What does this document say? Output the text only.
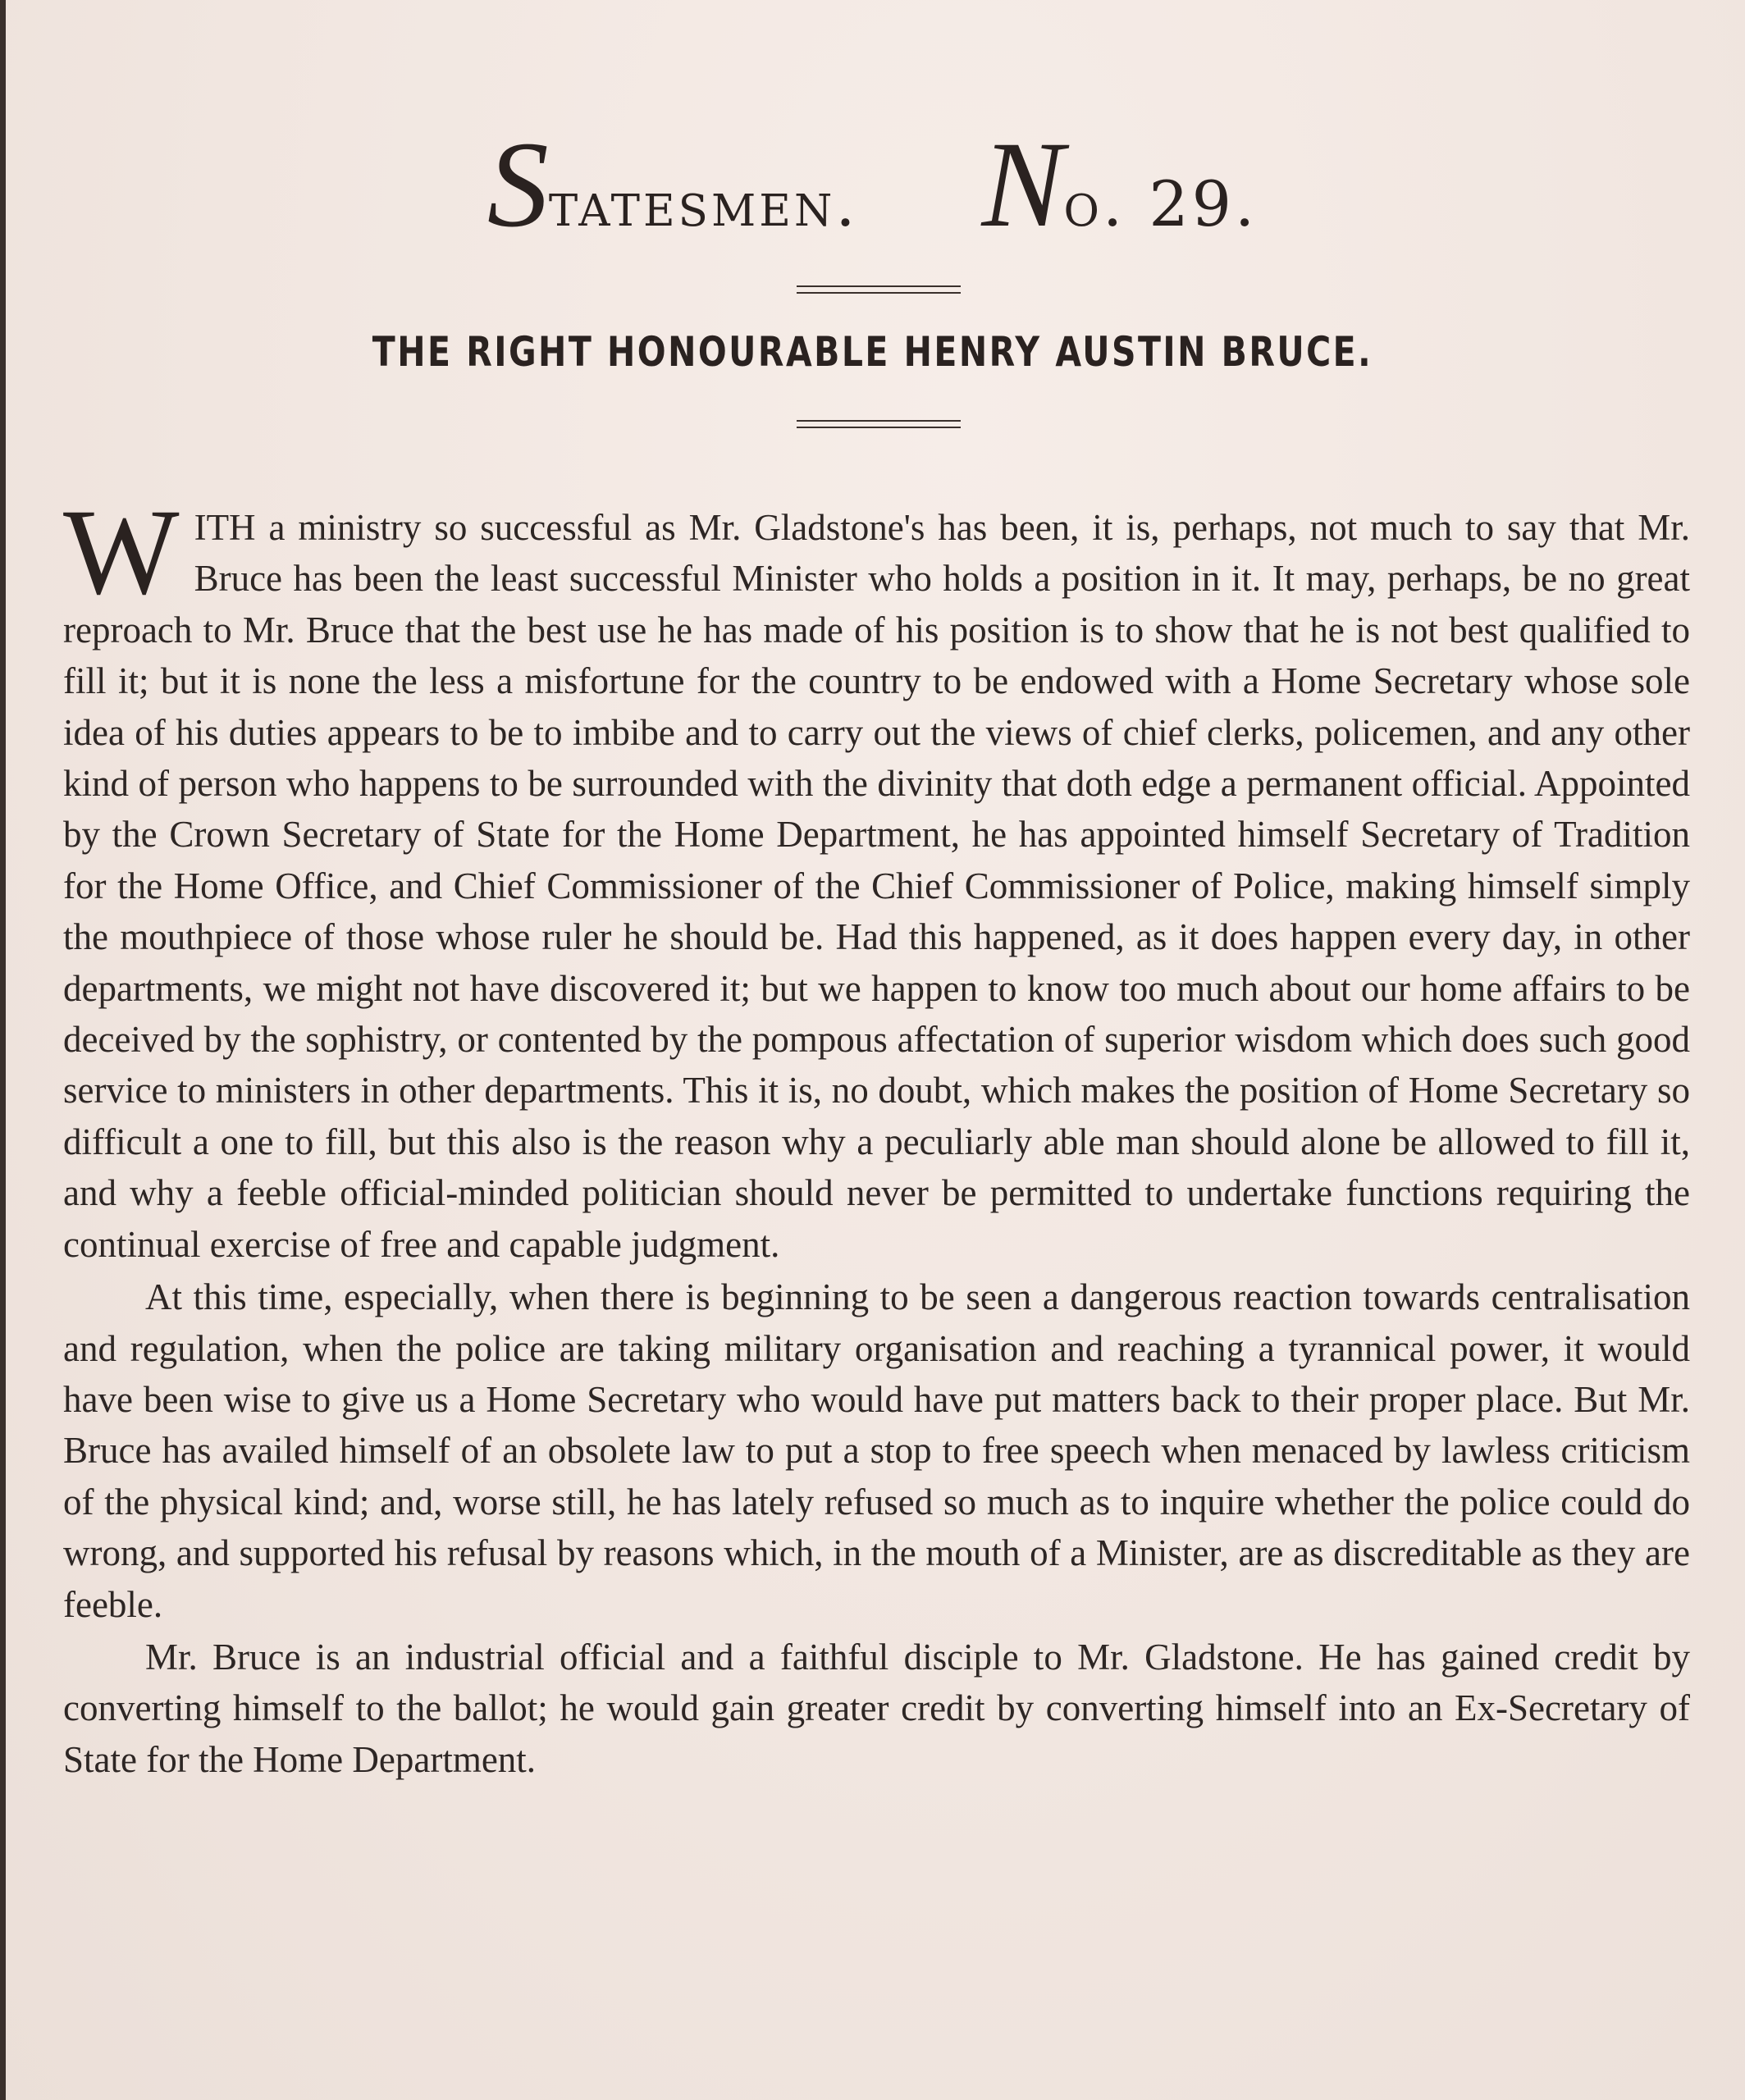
Statesmen. No. 29.
THE RIGHT HONOURABLE HENRY AUSTIN BRUCE.

WITH a ministry so successful as Mr. Gladstone's has been, it is, perhaps, not much to say that Mr. Bruce has been the least successful Minister who holds a position in it. It may, perhaps, be no great reproach to Mr. Bruce that the best use he has made of his position is to show that he is not best qualified to fill it; but it is none the less a misfortune for the country to be endowed with a Home Secretary whose sole idea of his duties appears to be to imbibe and to carry out the views of chief clerks, policemen, and any other kind of person who happens to be surrounded with the divinity that doth edge a permanent official. Appointed by the Crown Secretary of State for the Home Department, he has appointed himself Secretary of Tradition for the Home Office, and Chief Commissioner of the Chief Commissioner of Police, making himself simply the mouthpiece of those whose ruler he should be. Had this happened, as it does happen every day, in other departments, we might not have discovered it; but we happen to know too much about our home affairs to be deceived by the sophistry, or contented by the pompous affectation of superior wisdom which does such good service to ministers in other departments. This it is, no doubt, which makes the position of Home Secretary so difficult a one to fill, but this also is the reason why a peculiarly able man should alone be allowed to fill it, and why a feeble official-minded politician should never be permitted to undertake functions requiring the continual exercise of free and capable judgment.

At this time, especially, when there is beginning to be seen a dangerous reaction towards centralisation and regulation, when the police are taking military organisation and reaching a tyrannical power, it would have been wise to give us a Home Secretary who would have put matters back to their proper place. But Mr. Bruce has availed himself of an obsolete law to put a stop to free speech when menaced by lawless criticism of the physical kind; and, worse still, he has lately refused so much as to inquire whether the police could do wrong, and supported his refusal by reasons which, in the mouth of a Minister, are as discreditable as they are feeble.

Mr. Bruce is an industrial official and a faithful disciple to Mr. Gladstone. He has gained credit by converting himself to the ballot; he would gain greater credit by converting himself into an Ex-Secretary of State for the Home Department.
